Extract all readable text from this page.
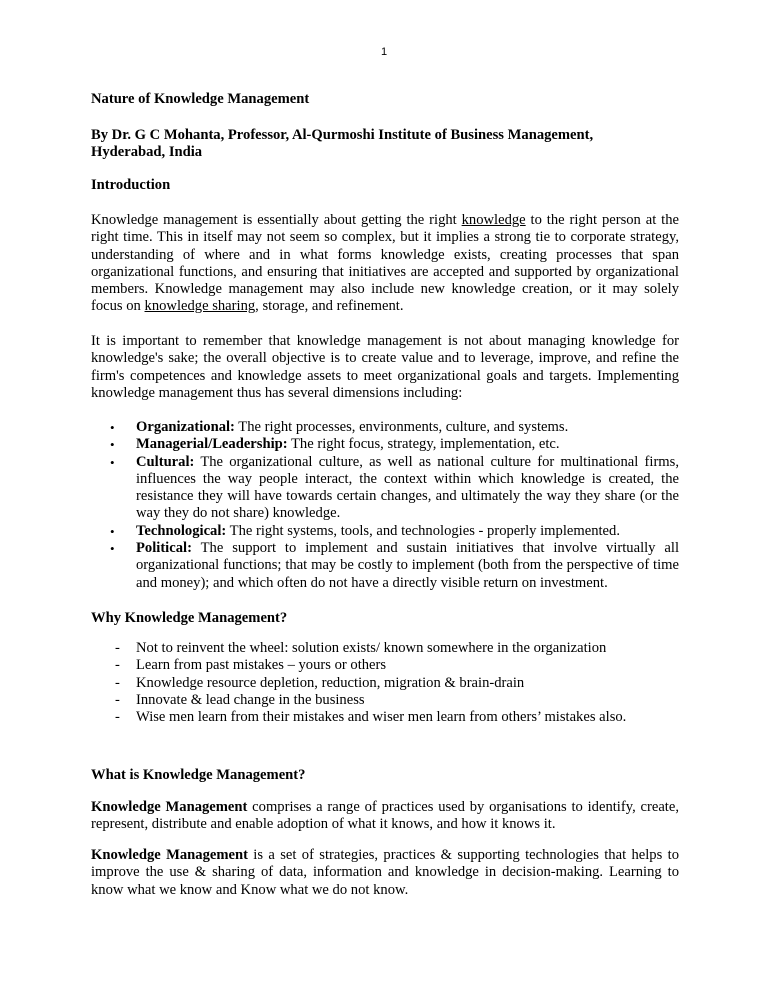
1

Nature of Knowledge Management

By Dr. G C Mohanta, Professor, Al-Qurmoshi Institute of Business Management,
Hyderabad, India

Introduction

Knowledge management is essentially about getting the right knowledge to the right person at the right time. This in itself may not seem so complex, but it implies a strong tie to corporate strategy, understanding of where and in what forms knowledge exists, creating processes that span organizational functions, and ensuring that initiatives are accepted and supported by organizational members. Knowledge management may also include new knowledge creation, or it may solely focus on knowledge sharing, storage, and refinement.

It is important to remember that knowledge management is not about managing knowledge for knowledge's sake; the overall objective is to create value and to leverage, improve, and refine the firm's competences and knowledge assets to meet organizational goals and targets. Implementing knowledge management thus has several dimensions including:

• Organizational: The right processes, environments, culture, and systems.
• Managerial/Leadership: The right focus, strategy, implementation, etc.
• Cultural: The organizational culture, as well as national culture for multinational firms, influences the way people interact, the context within which knowledge is created, the resistance they will have towards certain changes, and ultimately the way they share (or the way they do not share) knowledge.
• Technological: The right systems, tools, and technologies - properly implemented.
• Political: The support to implement and sustain initiatives that involve virtually all organizational functions; that may be costly to implement (both from the perspective of time and money); and which often do not have a directly visible return on investment.

Why Knowledge Management?

- Not to reinvent the wheel: solution exists/ known somewhere in the organization
- Learn from past mistakes – yours or others
- Knowledge resource depletion, reduction, migration & brain-drain
- Innovate & lead change in the business
- Wise men learn from their mistakes and wiser men learn from others’ mistakes also.

What is Knowledge Management?

Knowledge Management comprises a range of practices used by organisations to identify, create, represent, distribute and enable adoption of what it knows, and how it knows it.

Knowledge Management is a set of strategies, practices & supporting technologies that helps to improve the use & sharing of data, information and knowledge in decision-making. Learning to know what we know and Know what we do not know.
